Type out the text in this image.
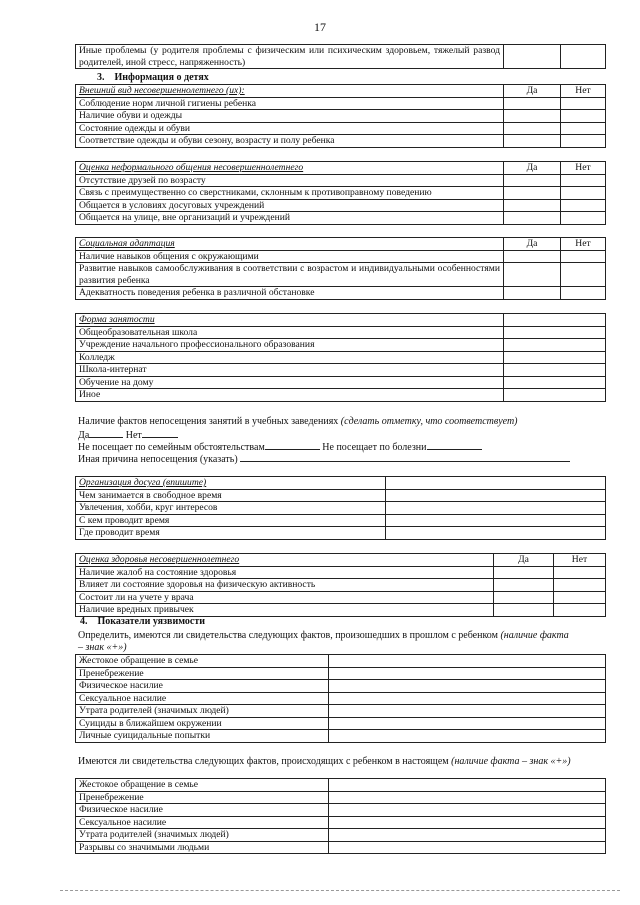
17
Иные проблемы (у родителя проблемы с физическим или психическим здоровьем, тяжелый развод родителей, иной стресс, напряженность)		
3. Информация о детях
Внешний вид несовершеннолетнего (их):	Да	Нет
Соблюдение норм личной гигиены ребенка		
Наличие обуви и одежды		
Состояние одежды и обуви		
Соответствие одежды и обуви сезону, возрасту и полу ребенка		
Оценка неформального общения несовершеннолетнего	Да	Нет
Отсутствие друзей по возрасту		
Связь с преимущественно со сверстниками, склонным к противоправному поведению		
Общается в условиях досуговых учреждений		
Общается на улице, вне организаций и учреждений		
Социальная адаптация	Да	Нет
Наличие навыков общения с окружающими		
Развитие навыков самообслуживания в соответствии с возрастом и индивидуальными особенностями развития ребенка		
Адекватность поведения ребенка в различной обстановке		
Форма занятости	
Общеобразовательная школа	
Учреждение начального профессионального образования	
Колледж	
Школа-интернат	
Обучение на дому	
Иное	
Наличие фактов непосещения занятий в учебных заведениях (сделать отметку, что соответствует)
Да	Нет
Не посещает по семейным обстоятельствам	Не посещает по болезни
Иная причина непосещения (указать)
Организация досуга (впишите)	
Чем занимается в свободное время	
Увлечения, хобби, круг интересов	
С кем проводит время	
Где проводит время	
Оценка здоровья несовершеннолетнего	Да	Нет
Наличие жалоб на состояние здоровья		
Влияет ли состояние здоровья на физическую активность		
Состоит ли на учете у врача		
Наличие вредных привычек		
4. Показатели уязвимости
Определить, имеются ли свидетельства следующих фактов, произошедших в прошлом с ребенком (наличие факта
– знак «+»)
Жестокое обращение в семье	
Пренебрежение	
Физическое насилие	
Сексуальное насилие	
Утрата родителей (значимых людей)	
Суициды в ближайшем окружении	
Личные суицидальные попытки	
Имеются ли свидетельства следующих фактов, происходящих с ребенком в настоящем (наличие факта – знак «+»)
Жестокое обращение в семье	
Пренебрежение	
Физическое насилие	
Сексуальное насилие	
Утрата родителей (значимых людей)	
Разрывы со значимыми людьми	
